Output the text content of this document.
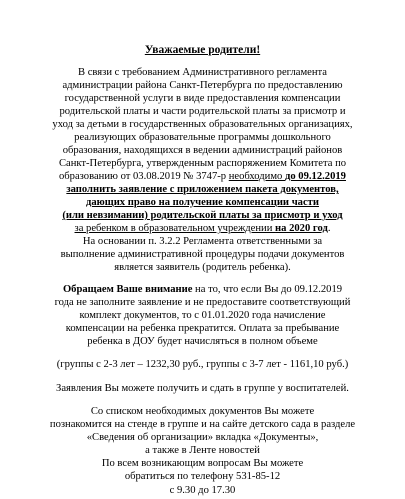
Уважаемые родители!
В связи с требованием Административного регламента
администрации района Санкт-Петербурга по предоставлению
государственной услуги в виде предоставления компенсации
родительской платы и части родительской платы за присмотр и
уход за детьми в государственных образовательных организациях,
реализующих образовательные программы дошкольного
образования, находящихся в ведении администраций районов
Санкт-Петербурга, утвержденным распоряжением Комитета по
образованию от 03.08.2019 № 3747-р необходимо до 09.12.2019
заполнить заявление с приложением пакета документов,
дающих право на получение компенсации части
(или невзимании) родительской платы за присмотр и уход
за ребенком в образовательном учреждении на 2020 год.
На основании п. 3.2.2 Регламента ответственными за
выполнение административной процедуры подачи документов
является заявитель (родитель ребенка).
Обращаем Ваше внимание на то, что если Вы до 09.12.2019
года не заполните заявление и не предоставите соответствующий
комплект документов, то с 01.01.2020 года начисление
компенсации на ребенка прекратится. Оплата за пребывание
ребенка в ДОУ будет начисляться в полном объеме
(группы с 2-3 лет – 1232,30 руб., группы с 3-7 лет - 1161,10 руб.)
Заявления Вы можете получить и сдать в группе у воспитателей.
Со списком необходимых документов Вы можете
познакомится на стенде в группе и на сайте детского сада в разделе
«Сведения об организации» вкладка «Документы»,
а также в Ленте новостей
По всем возникающим вопросам Вы можете
обратиться по телефону 531-85-12
с 9.30 до 17.30
